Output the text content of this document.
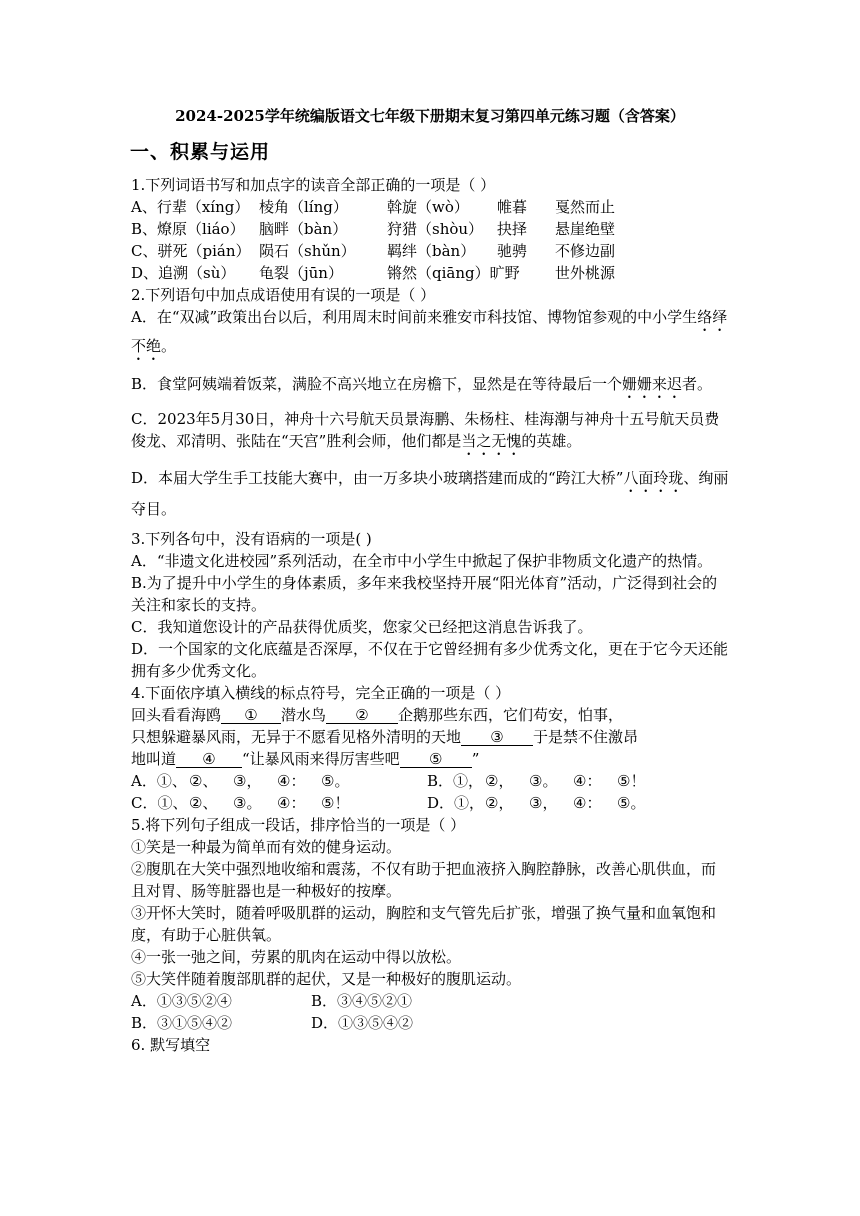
2024-2025学年统编版语文七年级下册期末复习第四单元练习题（含答案）
一、积累与运用
1.下列词语书写和加点字的读音全部正确的一项是（ ）
A、行辈（xíng） 棱角（líng）	斡旋（wò） 帷暮 戛然而止
B、燎原（liáo） 脑畔（bàn）	狩猎（shòu） 抉择 悬崖绝壁
C、骈死（pián） 陨石（shǔn） 羁绊（bàn） 驰骋 不修边副
D、追溯（sù） 龟裂（jūn）	锵然（qiāng）旷野 世外桃源
2.下列语句中加点成语使用有误的一项是（ ）

A．在“双减”政策出台以后，利用周末时间前来雅安市科技馆、博物馆参观的中小学生络绎不绝。

B．食堂阿姨端着饭菜，满脸不高兴地立在房檐下，显然是在等待最后一个姗姗来迟者。

C．2023年5月30日，神舟十六号航天员景海鹏、朱杨柱、桂海潮与神舟十五号航天员费俊龙、邓清明、张陆在“天宫”胜利会师，他们都是当之无愧的英雄。

D．本届大学生手工技能大赛中，由一万多块小玻璃搭建而成的“跨江大桥”八面玲珑、绚丽夺目。

3.下列各句中，没有语病的一项是( )

A．“非遗文化进校园”系列活动，在全市中小学生中掀起了保护非物质文化遗产的热情。

B.为了提升中小学生的身体素质，多年来我校坚持开展“阳光体育”活动，广泛得到社会的关注和家长的支持。

C．我知道您设计的产品获得优质奖，您家父已经把这消息告诉我了。

D．一个国家的文化底蕴是否深厚，不仅在于它曾经拥有多少优秀文化，更在于它今天还能拥有多少优秀文化。

4.下面依序填入横线的标点符号，完全正确的一项是（ ）
回头看看海鸥 ① 潜水鸟 ② 企鹅那些东西，它们苟安，怕事，
只想躲避暴风雨，无异于不愿看见格外清明的天地 ③ 于是禁不住激昂
地叫道 ④ “让暴风雨来得厉害些吧 ⑤ ”
A．①、 ②、 ③， ④： ⑤。	B．①， ②， ③。 ④： ⑤！
C．①、 ②、 ③。 ④： ⑤！	D．①，②， ③， ④： ⑤。
5.将下列句子组成一段话，排序恰当的一项是（ ）

①笑是一种最为简单而有效的健身运动。

②腹肌在大笑中强烈地收缩和震荡，不仅有助于把血液挤入胸腔静脉，改善心肌供血，而且对胃、肠等脏器也是一种极好的按摩。

③开怀大笑时，随着呼吸肌群的运动，胸腔和支气管先后扩张，增强了换气量和血氧饱和度，有助于心脏供氧。

④一张一弛之间，劳累的肌肉在运动中得以放松。

⑤大笑伴随着腹部肌群的起伏，又是一种极好的腹肌运动。

A．①③⑤②④	B．③④⑤②①
B．③①⑤④②	D．①③⑤④②
6. 默写填空
